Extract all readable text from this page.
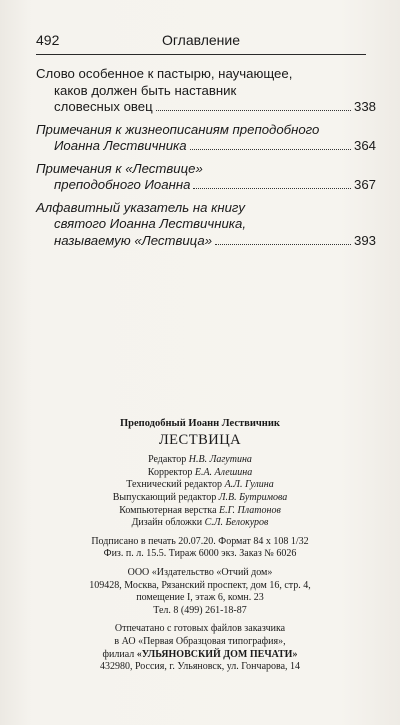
492	Оглавление
Слово особенное к пастырю, научающее,
каков должен быть наставник
словесных овец	338
Примечания к жизнеописаниям преподобного
Иоанна Лествичника	364
Примечания к «Лествице»
преподобного Иоанна	367
Алфавитный указатель на книгу
святого Иоанна Лествичника,
называемую «Лествица»	393
Преподобный Иоанн Лествичник
ЛЕСТВИЦА
Редактор Н.В. Лагутина
Корректор Е.А. Алешина
Технический редактор А.Л. Гулина
Выпускающий редактор Л.В. Бутримова
Компьютерная верстка Е.Г. Платонов
Дизайн обложки С.Л. Белокуров
Подписано в печать 20.07.20. Формат 84 х 108 1/32
Физ. п. л. 15.5. Тираж 6000 экз. Заказ № 6026
ООО «Издательство «Отчий дом»
109428, Москва, Рязанский проспект, дом 16, стр. 4,
помещение I, этаж 6, комн. 23
Тел. 8 (499) 261-18-87
Отпечатано с готовых файлов заказчика
в АО «Первая Образцовая типография»,
филиал «УЛЬЯНОВСКИЙ ДОМ ПЕЧАТИ»
432980, Россия, г. Ульяновск, ул. Гончарова, 14
